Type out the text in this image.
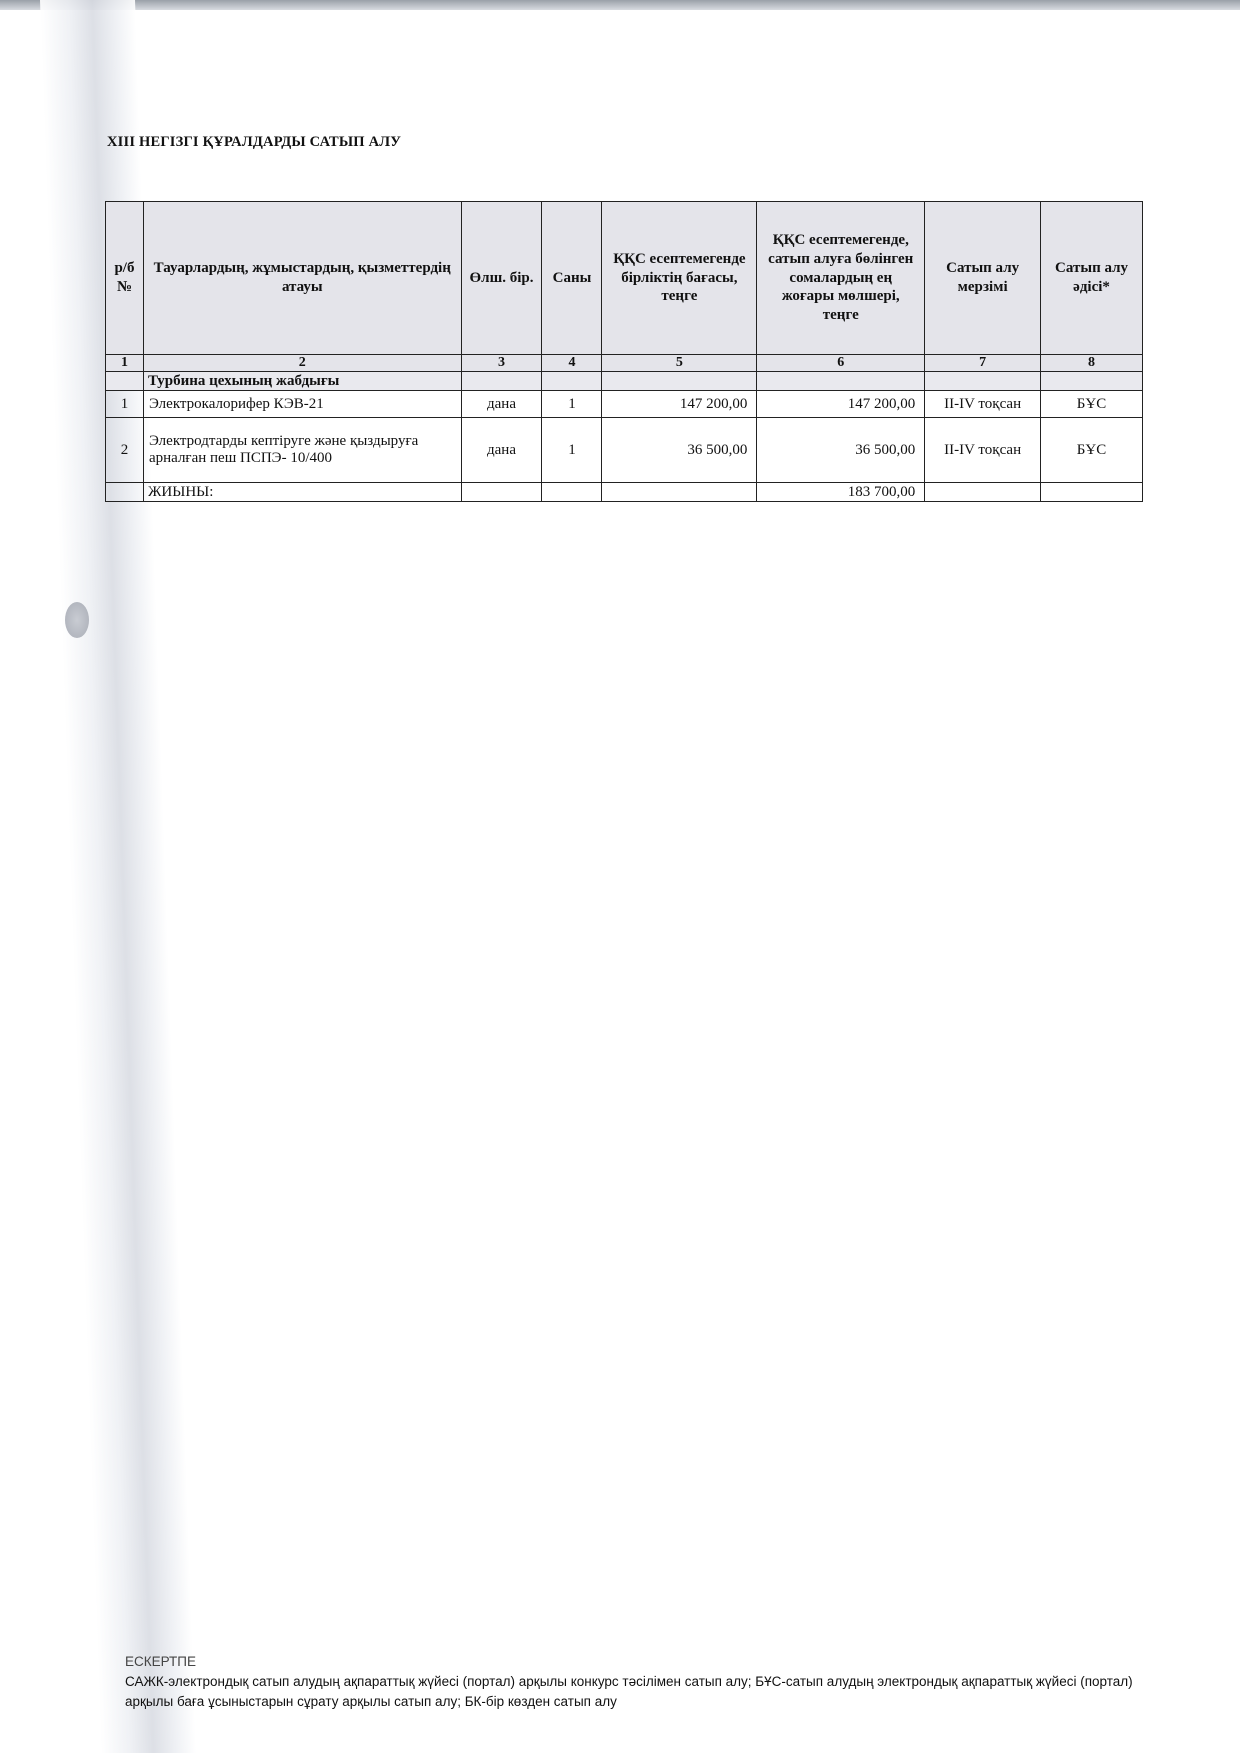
XIII НЕГІЗГІ ҚҰРАЛДАРДЫ САТЫП АЛУ
р/б №	Тауарлардың, жұмыстардың, қызметтердің атауы	Өлш. бір.	Саны	ҚҚС есептемегенде бірліктің бағасы, теңге	ҚҚС есептемегенде, сатып алуға бөлінген сомалардың ең жоғары мөлшері, теңге	Сатып алу мерзімі	Сатып алу әдісі*
1	2	3	4	5	6	7	8
	Турбина цехының жабдығы						
1	Электрокалорифер КЭВ-21	дана	1	147 200,00	147 200,00	II-IV тоқсан	БҰС
2	Электродтарды кептіруге және қыздыруға арналған пеш ПСПЭ- 10/400	дана	1	36 500,00	36 500,00	II-IV тоқсан	БҰС
	ЖИЫНЫ:				183 700,00		
ЕСКЕРТПЕ
САЖК-электрондық сатып алудың ақпараттық жүйесі (портал) арқылы конкурс тәсілімен сатып алу; БҰС-сатып алудың электрондық ақпараттық жүйесі (портал) арқылы баға ұсыныстарын сұрату арқылы сатып алу; БК-бір көзден сатып алу
